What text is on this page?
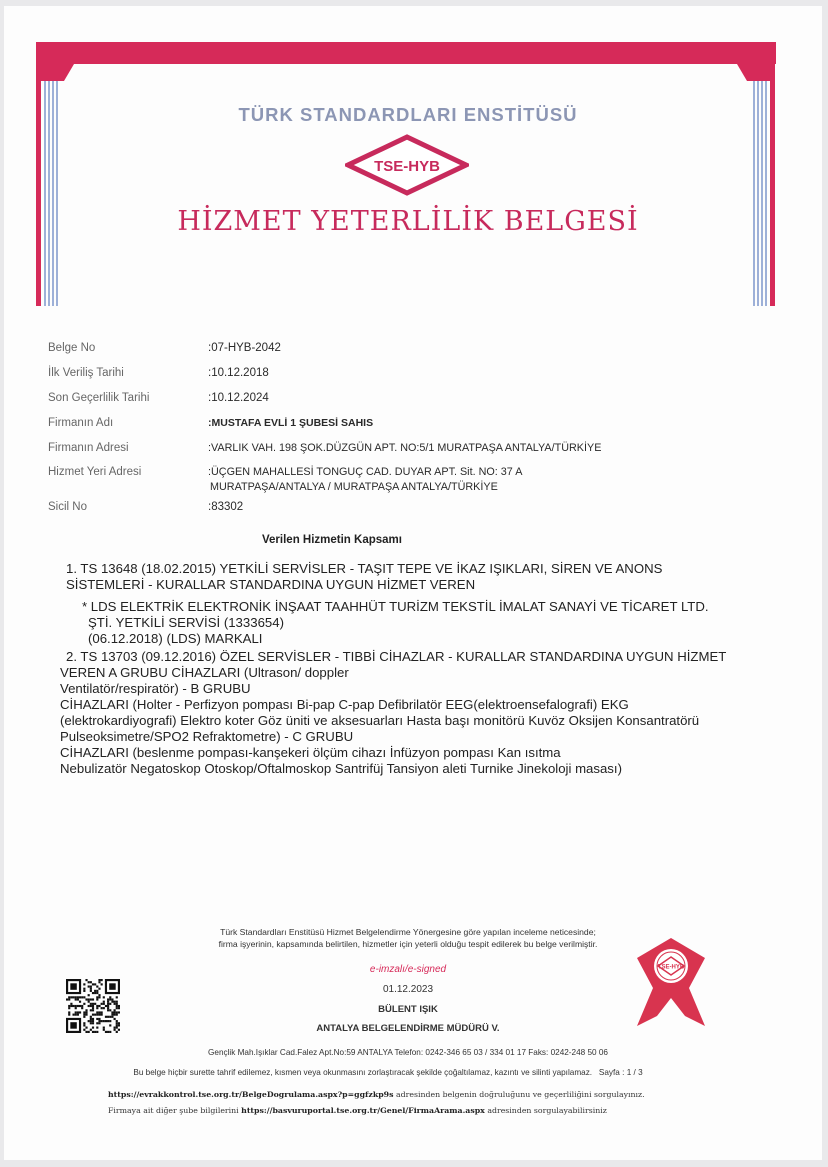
TÜRK STANDARDLARI ENSTİTÜSÜ
TSE-HYB
HİZMET YETERLİLİK BELGESİ
Belge No	:07-HYB-2042
İlk Veriliş Tarihi	:10.12.2018
Son Geçerlilik Tarihi	:10.12.2024
Firmanın Adı	:MUSTAFA EVLİ 1 ŞUBESİ SAHIS
Firmanın Adresi	:VARLIK VAH. 198 ŞOK.DÜZGÜN APT. NO:5/1 MURATPAŞA ANTALYA/TÜRKİYE
Hizmet Yeri Adresi	:ÜÇGEN MAHALLESİ TONGUÇ CAD. DUYAR APT. Sit. NO: 37 A
MURATPAŞA/ANTALYA / MURATPAŞA ANTALYA/TÜRKİYE
Sicil No	:83302
Verilen Hizmetin Kapsamı
1. TS 13648 (18.02.2015) YETKİLİ SERVİSLER - TAŞIT TEPE VE İKAZ IŞIKLARI, SİREN VE ANONS
SİSTEMLERİ - KURALLAR STANDARDINA UYGUN HİZMET VEREN
* LDS ELEKTRİK ELEKTRONİK İNŞAAT TAAHHÜT TURİZM TEKSTİL İMALAT SANAYİ VE TİCARET LTD.
ŞTİ. YETKİLİ SERVİSİ (1333654)
(06.12.2018) (LDS) MARKALI
2. TS 13703 (09.12.2016) ÖZEL SERVİSLER - TIBBİ CİHAZLAR - KURALLAR STANDARDINA UYGUN HİZMET
VEREN A GRUBU CİHAZLARI (Ultrason/ doppler
Ventilatör/respiratör) - B GRUBU
CİHAZLARI (Holter - Perfizyon pompası Bi-pap C-pap Defibrilatör EEG(elektroensefalografi) EKG
(elektrokardiyografi) Elektro koter Göz üniti ve aksesuarları Hasta başı monitörü Kuvöz Oksijen Konsantratörü
Pulseoksimetre/SPO2 Refraktometre) - C GRUBU
CİHAZLARI (beslenme pompası-kanşekeri ölçüm cihazı İnfüzyon pompası Kan ısıtma
Nebulizatör Negatoskop Otoskop/Oftalmoskop Santrifüj Tansiyon aleti Turnike Jinekoloji masası)
Türk Standardları Enstitüsü Hizmet Belgelendirme Yönergesine göre yapılan inceleme neticesinde;
firma işyerinin, kapsamında belirtilen, hizmetler için yeterli olduğu tespit edilerek bu belge verilmiştir.
e-imzalı/e-signed
01.12.2023
BÜLENT IŞIK
ANTALYA BELGELENDİRME MÜDÜRÜ V.
Gençlik Mah.Işıklar Cad.Falez Apt.No:59 ANTALYA Telefon: 0242-346 65 03 / 334 01 17 Faks: 0242-248 50 06
Bu belge hiçbir surette tahrif edilemez, kısmen veya okunmasını zorlaştıracak şekilde çoğaltılamaz, kazıntı ve silinti yapılamaz. Sayfa : 1 / 3
https://evrakkontrol.tse.org.tr/BelgeDogrulama.aspx?p=ggfzkp9s adresinden belgenin doğruluğunu ve geçerliliğini sorgulayınız.
Firmaya ait diğer şube bilgilerini https://basvuruportal.tse.org.tr/Genel/FirmaArama.aspx adresinden sorgulayabilirsiniz
TSE-HYB
